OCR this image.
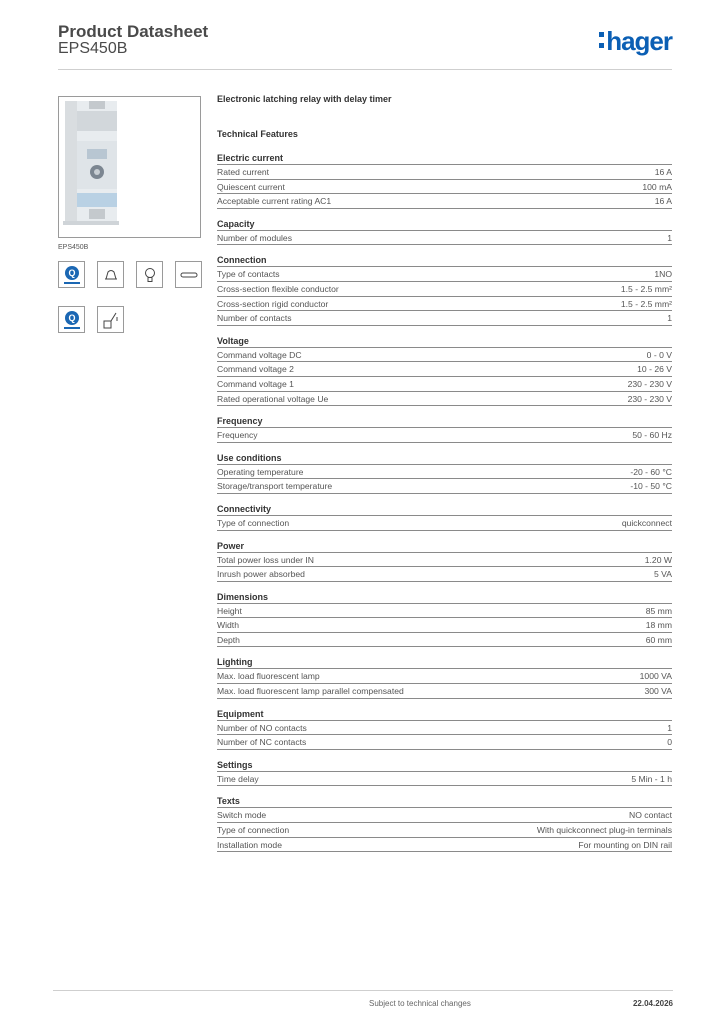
Product Datasheet
EPS450B	hager
EPS450B
Q
Q
Electronic latching relay with delay timer
Technical Features
Electric current
Rated current	16 A
Quiescent current	100 mA
Acceptable current rating AC1	16 A
Capacity
Number of modules	1
Connection
Type of contacts	1NO
Cross-section flexible conductor	1.5 - 2.5 mm²
Cross-section rigid conductor	1.5 - 2.5 mm²
Number of contacts	1
Voltage
Command voltage DC	0 - 0 V
Command voltage 2	10 - 26 V
Command voltage 1	230 - 230 V
Rated operational voltage Ue	230 - 230 V
Frequency
Frequency	50 - 60 Hz
Use conditions
Operating temperature	-20 - 60 °C
Storage/transport temperature	-10 - 50 °C
Connectivity
Type of connection	quickconnect
Power
Total power loss under IN	1.20 W
Inrush power absorbed	5 VA
Dimensions
Height	85 mm
Width	18 mm
Depth	60 mm
Lighting
Max. load fluorescent lamp	1000 VA
Max. load fluorescent lamp parallel compensated	300 VA
Equipment
Number of NO contacts	1
Number of NC contacts	0
Settings
Time delay	5 Min - 1 h
Texts
Switch mode	NO contact
Type of connection	With quickconnect plug-in terminals
Installation mode	For mounting on DIN rail
Subject to technical changes	22.04.2026
